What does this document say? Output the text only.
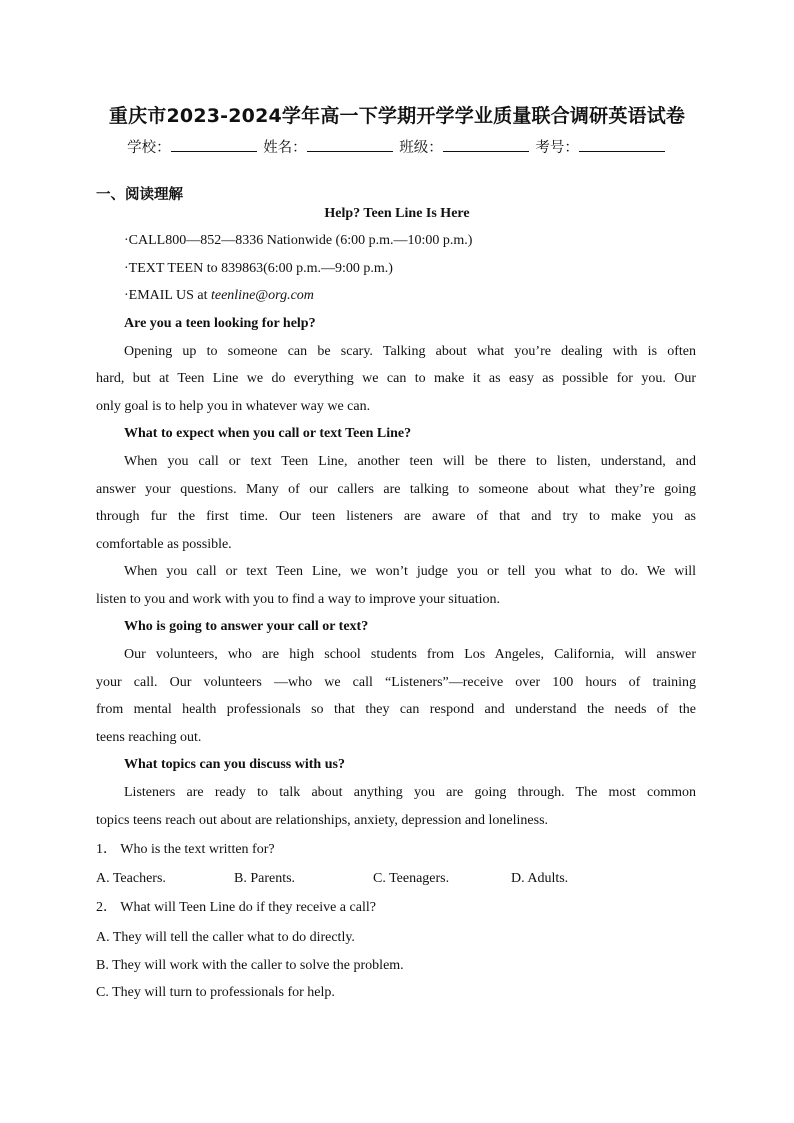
重庆市2023-2024学年高一下学期开学学业质量联合调研英语试卷
学校：	姓名：	班级：	考号：
一、阅读理解
Help? Teen Line Is Here
·CALL800—852—8336 Nationwide (6:00 p.m.—10:00 p.m.)
·TEXT TEEN to 839863(6:00 p.m.—9:00 p.m.)
·EMAIL US at teenline@org.com
Are you a teen looking for help?
Opening up to someone can be scary. Talking about what you’re dealing with is often
hard, but at Teen Line we do everything we can to make it as easy as possible for you. Our
only goal is to help you in whatever way we can.
What to expect when you call or text Teen Line?
When you call or text Teen Line, another teen will be there to listen, understand, and
answer your questions. Many of our callers are talking to someone about what they’re going
through fur the first time. Our teen listeners are aware of that and try to make you as
comfortable as possible.
When you call or text Teen Line, we won’t judge you or tell you what to do. We will
listen to you and work with you to find a way to improve your situation.
Who is going to answer your call or text?
Our volunteers, who are high school students from Los Angeles, California, will answer
your call. Our volunteers —who we call “Listeners”—receive over 100 hours of training
from mental health professionals so that they can respond and understand the needs of the
teens reaching out.
What topics can you discuss with us?
Listeners are ready to talk about anything you are going through. The most common
topics teens reach out about are relationships, anxiety, depression and loneliness.
1． Who is the text written for?
A. Teachers.	B. Parents.	C. Teenagers.	D. Adults.
2． What will Teen Line do if they receive a call?
A. They will tell the caller what to do directly.
B. They will work with the caller to solve the problem.
C. They will turn to professionals for help.
